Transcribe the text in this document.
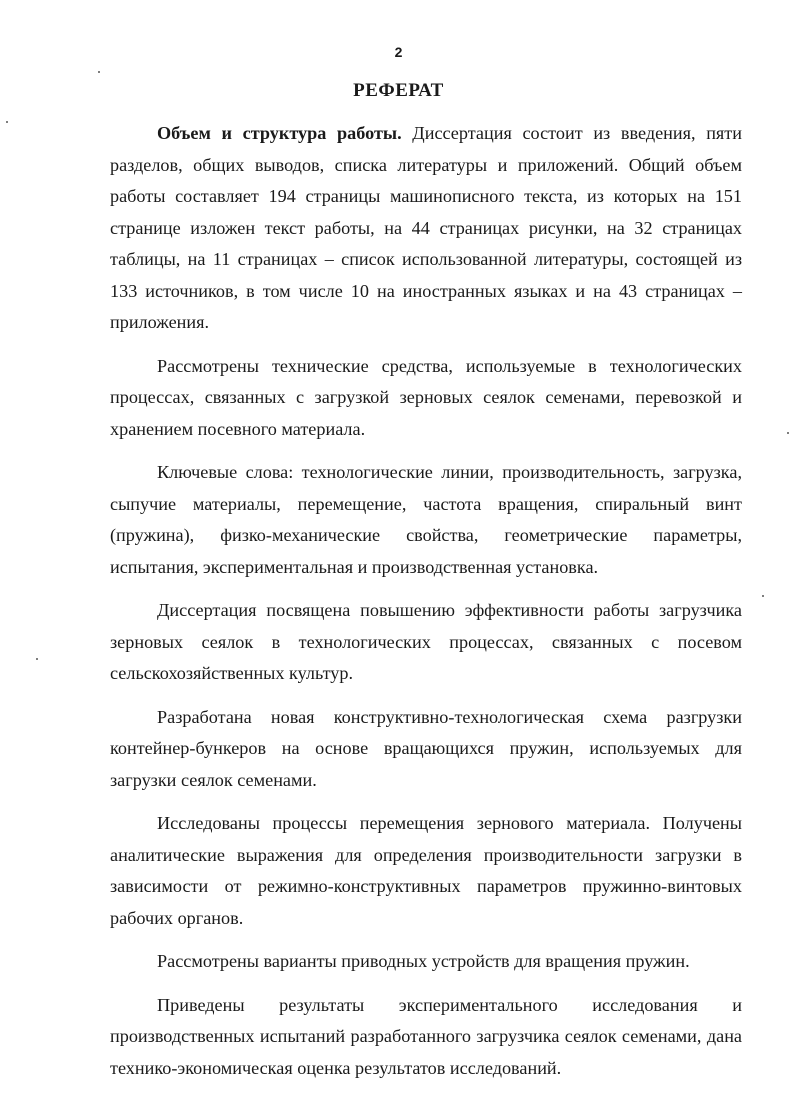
2
РЕФЕРАТ

Объем и структура работы. Диссертация состоит из введения, пяти разделов, общих выводов, списка литературы и приложений. Общий объем работы составляет 194 страницы машинописного текста, из которых на 151 странице изложен текст работы, на 44 страницах рисунки, на 32 страницах таблицы, на 11 страницах – список использованной литературы, состоящей из 133 источников, в том числе 10 на иностранных языках и на 43 страницах – приложения.

Рассмотрены технические средства, используемые в технологических процессах, связанных с загрузкой зерновых сеялок семенами, перевозкой и хранением посевного материала.

Ключевые слова: технологические линии, производительность, загрузка, сыпучие материалы, перемещение, частота вращения, спиральный винт (пружина), физко-механические свойства, геометрические параметры, испытания, экспериментальная и производственная установка.

Диссертация посвящена повышению эффективности работы загрузчика зерновых сеялок в технологических процессах, связанных с посевом сельскохозяйственных культур.

Разработана новая конструктивно-технологическая схема разгрузки контейнер-бункеров на основе вращающихся пружин, используемых для загрузки сеялок семенами.

Исследованы процессы перемещения зернового материала. Получены аналитические выражения для определения производительности загрузки в зависимости от режимно-конструктивных параметров пружинно-винтовых рабочих органов.

Рассмотрены варианты приводных устройств для вращения пружин.

Приведены результаты экспериментального исследования и производственных испытаний разработанного загрузчика сеялок семенами, дана технико-экономическая оценка результатов исследований.
